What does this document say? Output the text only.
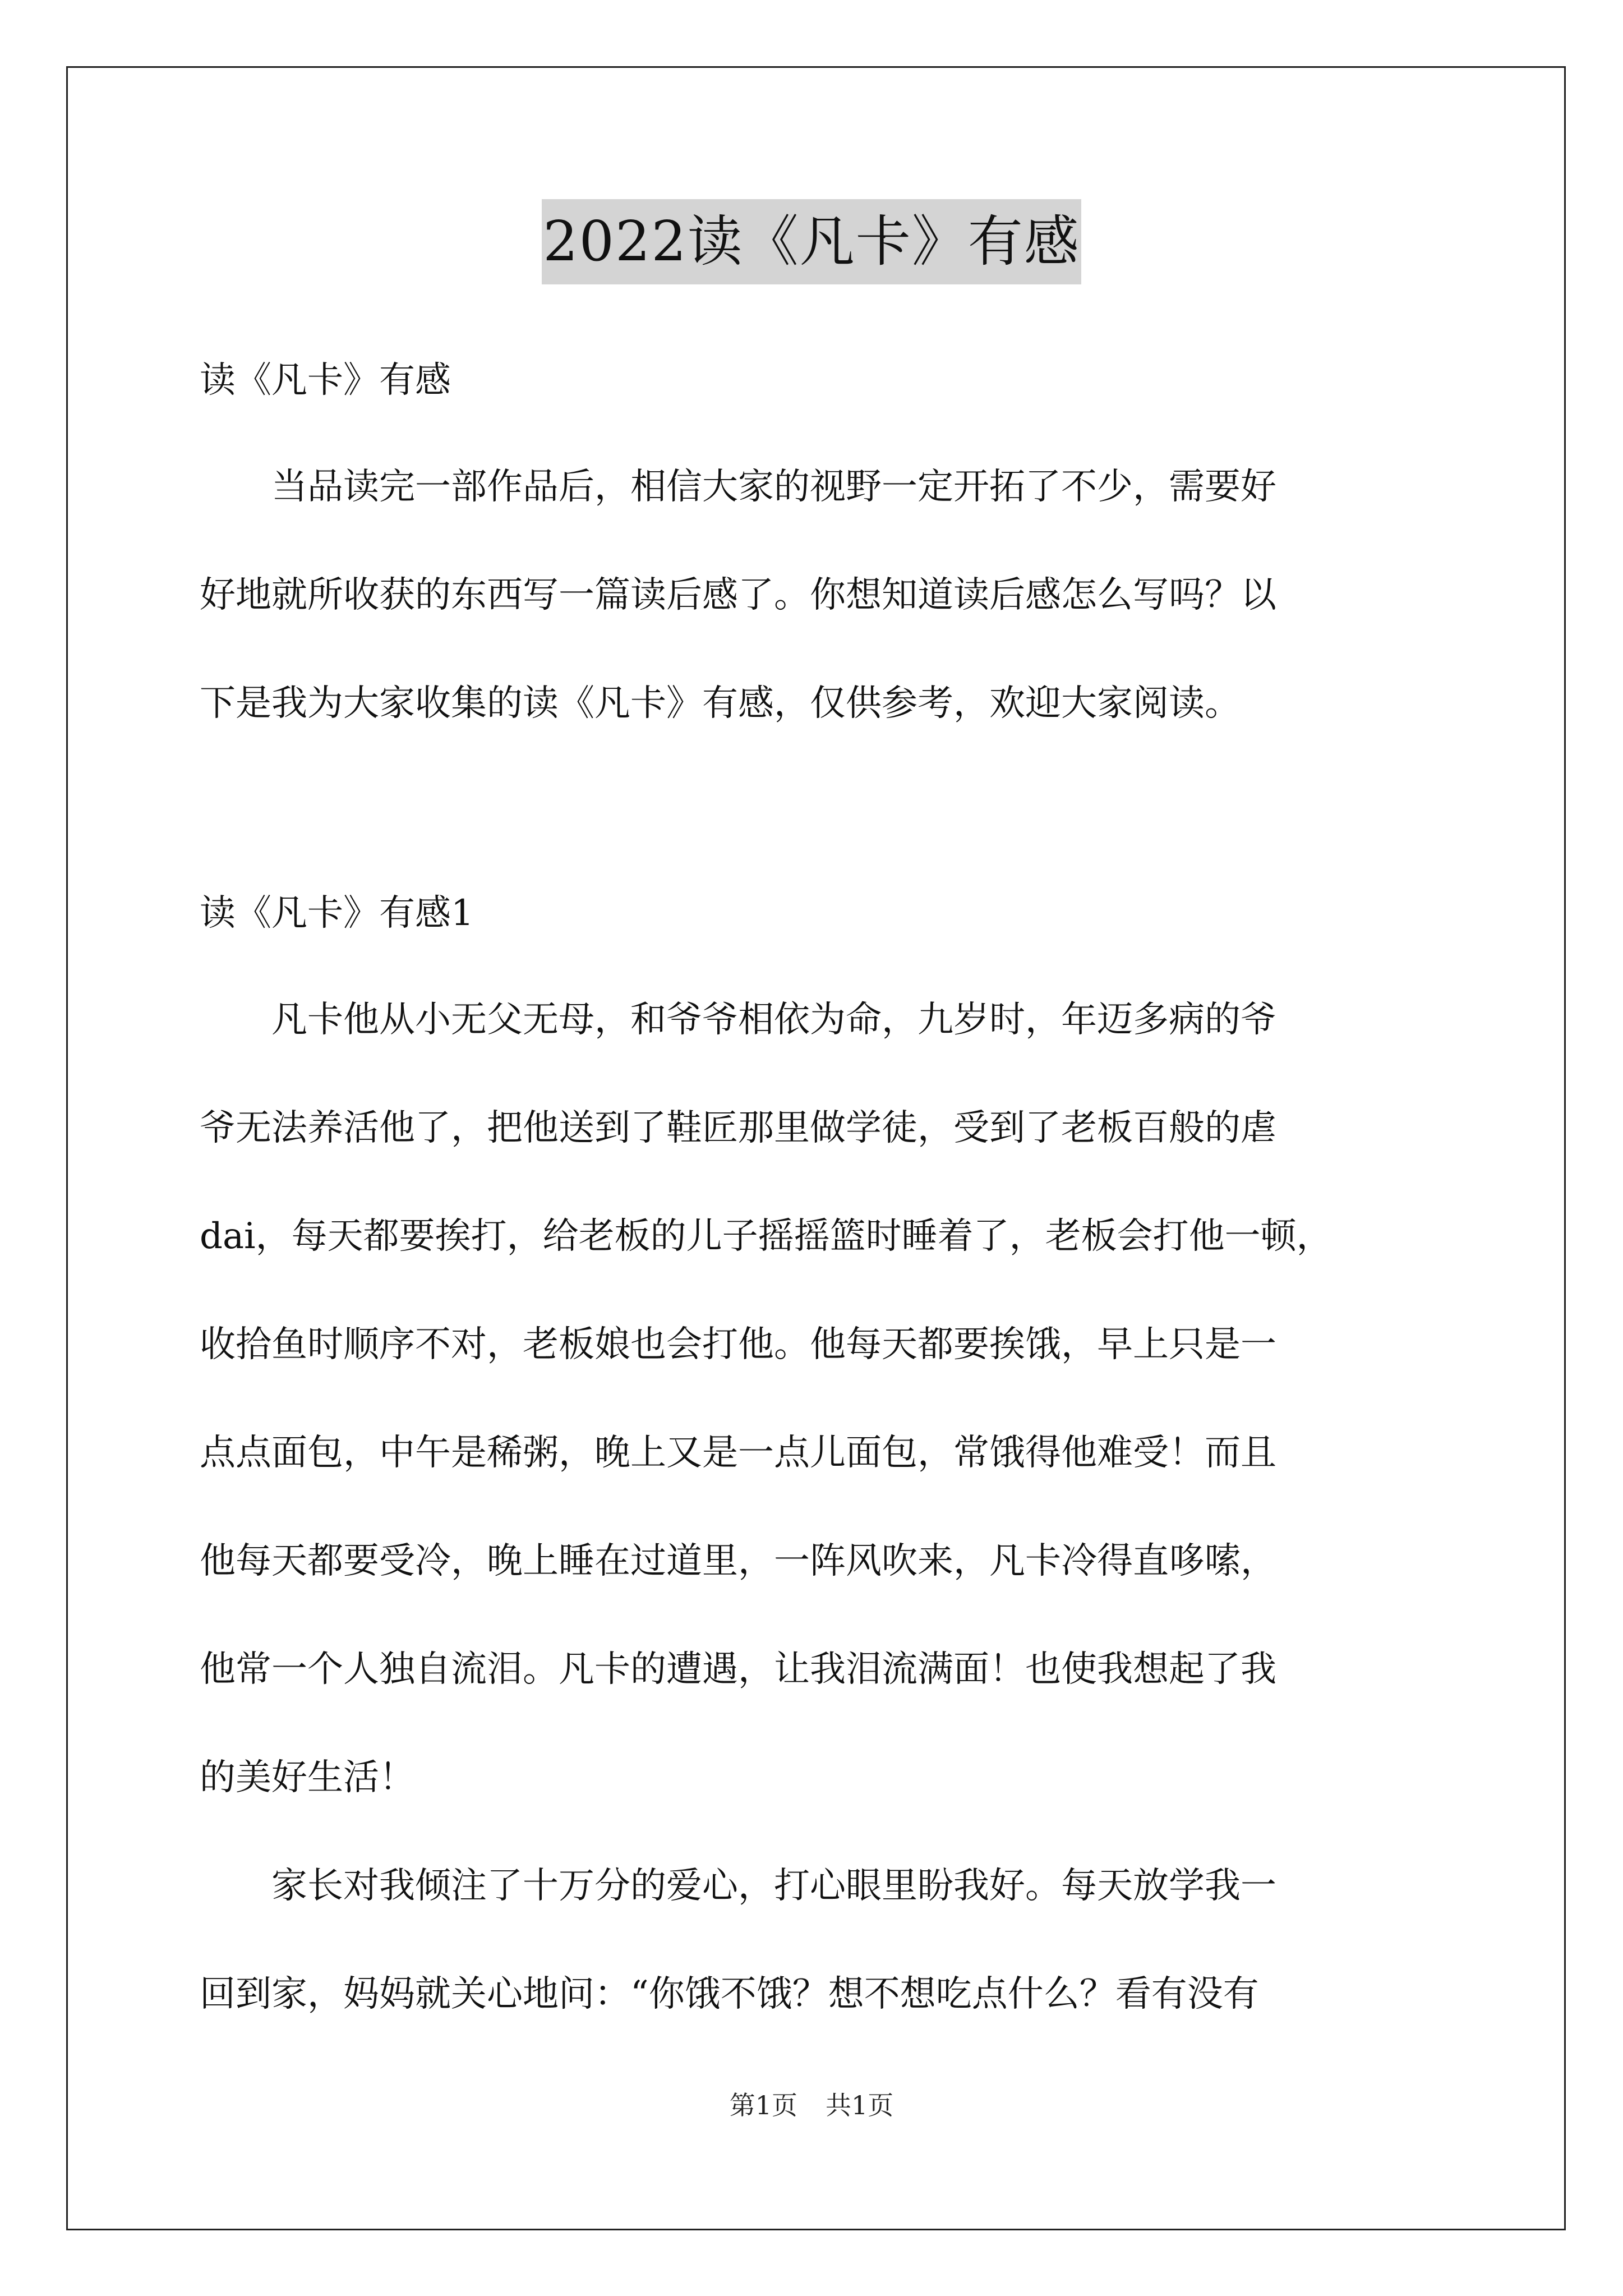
2022读《凡卡》有感

读《凡卡》有感

　　当品读完一部作品后，相信大家的视野一定开拓了不少，需要好

好地就所收获的东西写一篇读后感了。你想知道读后感怎么写吗？以

下是我为大家收集的读《凡卡》有感，仅供参考，欢迎大家阅读。

读《凡卡》有感1

　　凡卡他从小无父无母，和爷爷相依为命，九岁时，年迈多病的爷

爷无法养活他了，把他送到了鞋匠那里做学徒，受到了老板百般的虐

dai，每天都要挨打，给老板的儿子摇摇篮时睡着了，老板会打他一顿，

收拾鱼时顺序不对，老板娘也会打他。他每天都要挨饿，早上只是一

点点面包，中午是稀粥，晚上又是一点儿面包，常饿得他难受！而且

他每天都要受冷，晚上睡在过道里，一阵风吹来，凡卡冷得直哆嗦，

他常一个人独自流泪。凡卡的遭遇，让我泪流满面！也使我想起了我

的美好生活！

　　家长对我倾注了十万分的爱心，打心眼里盼我好。每天放学我一

回到家，妈妈就关心地问：“你饿不饿？想不想吃点什么？看有没有

第1页 共1页
